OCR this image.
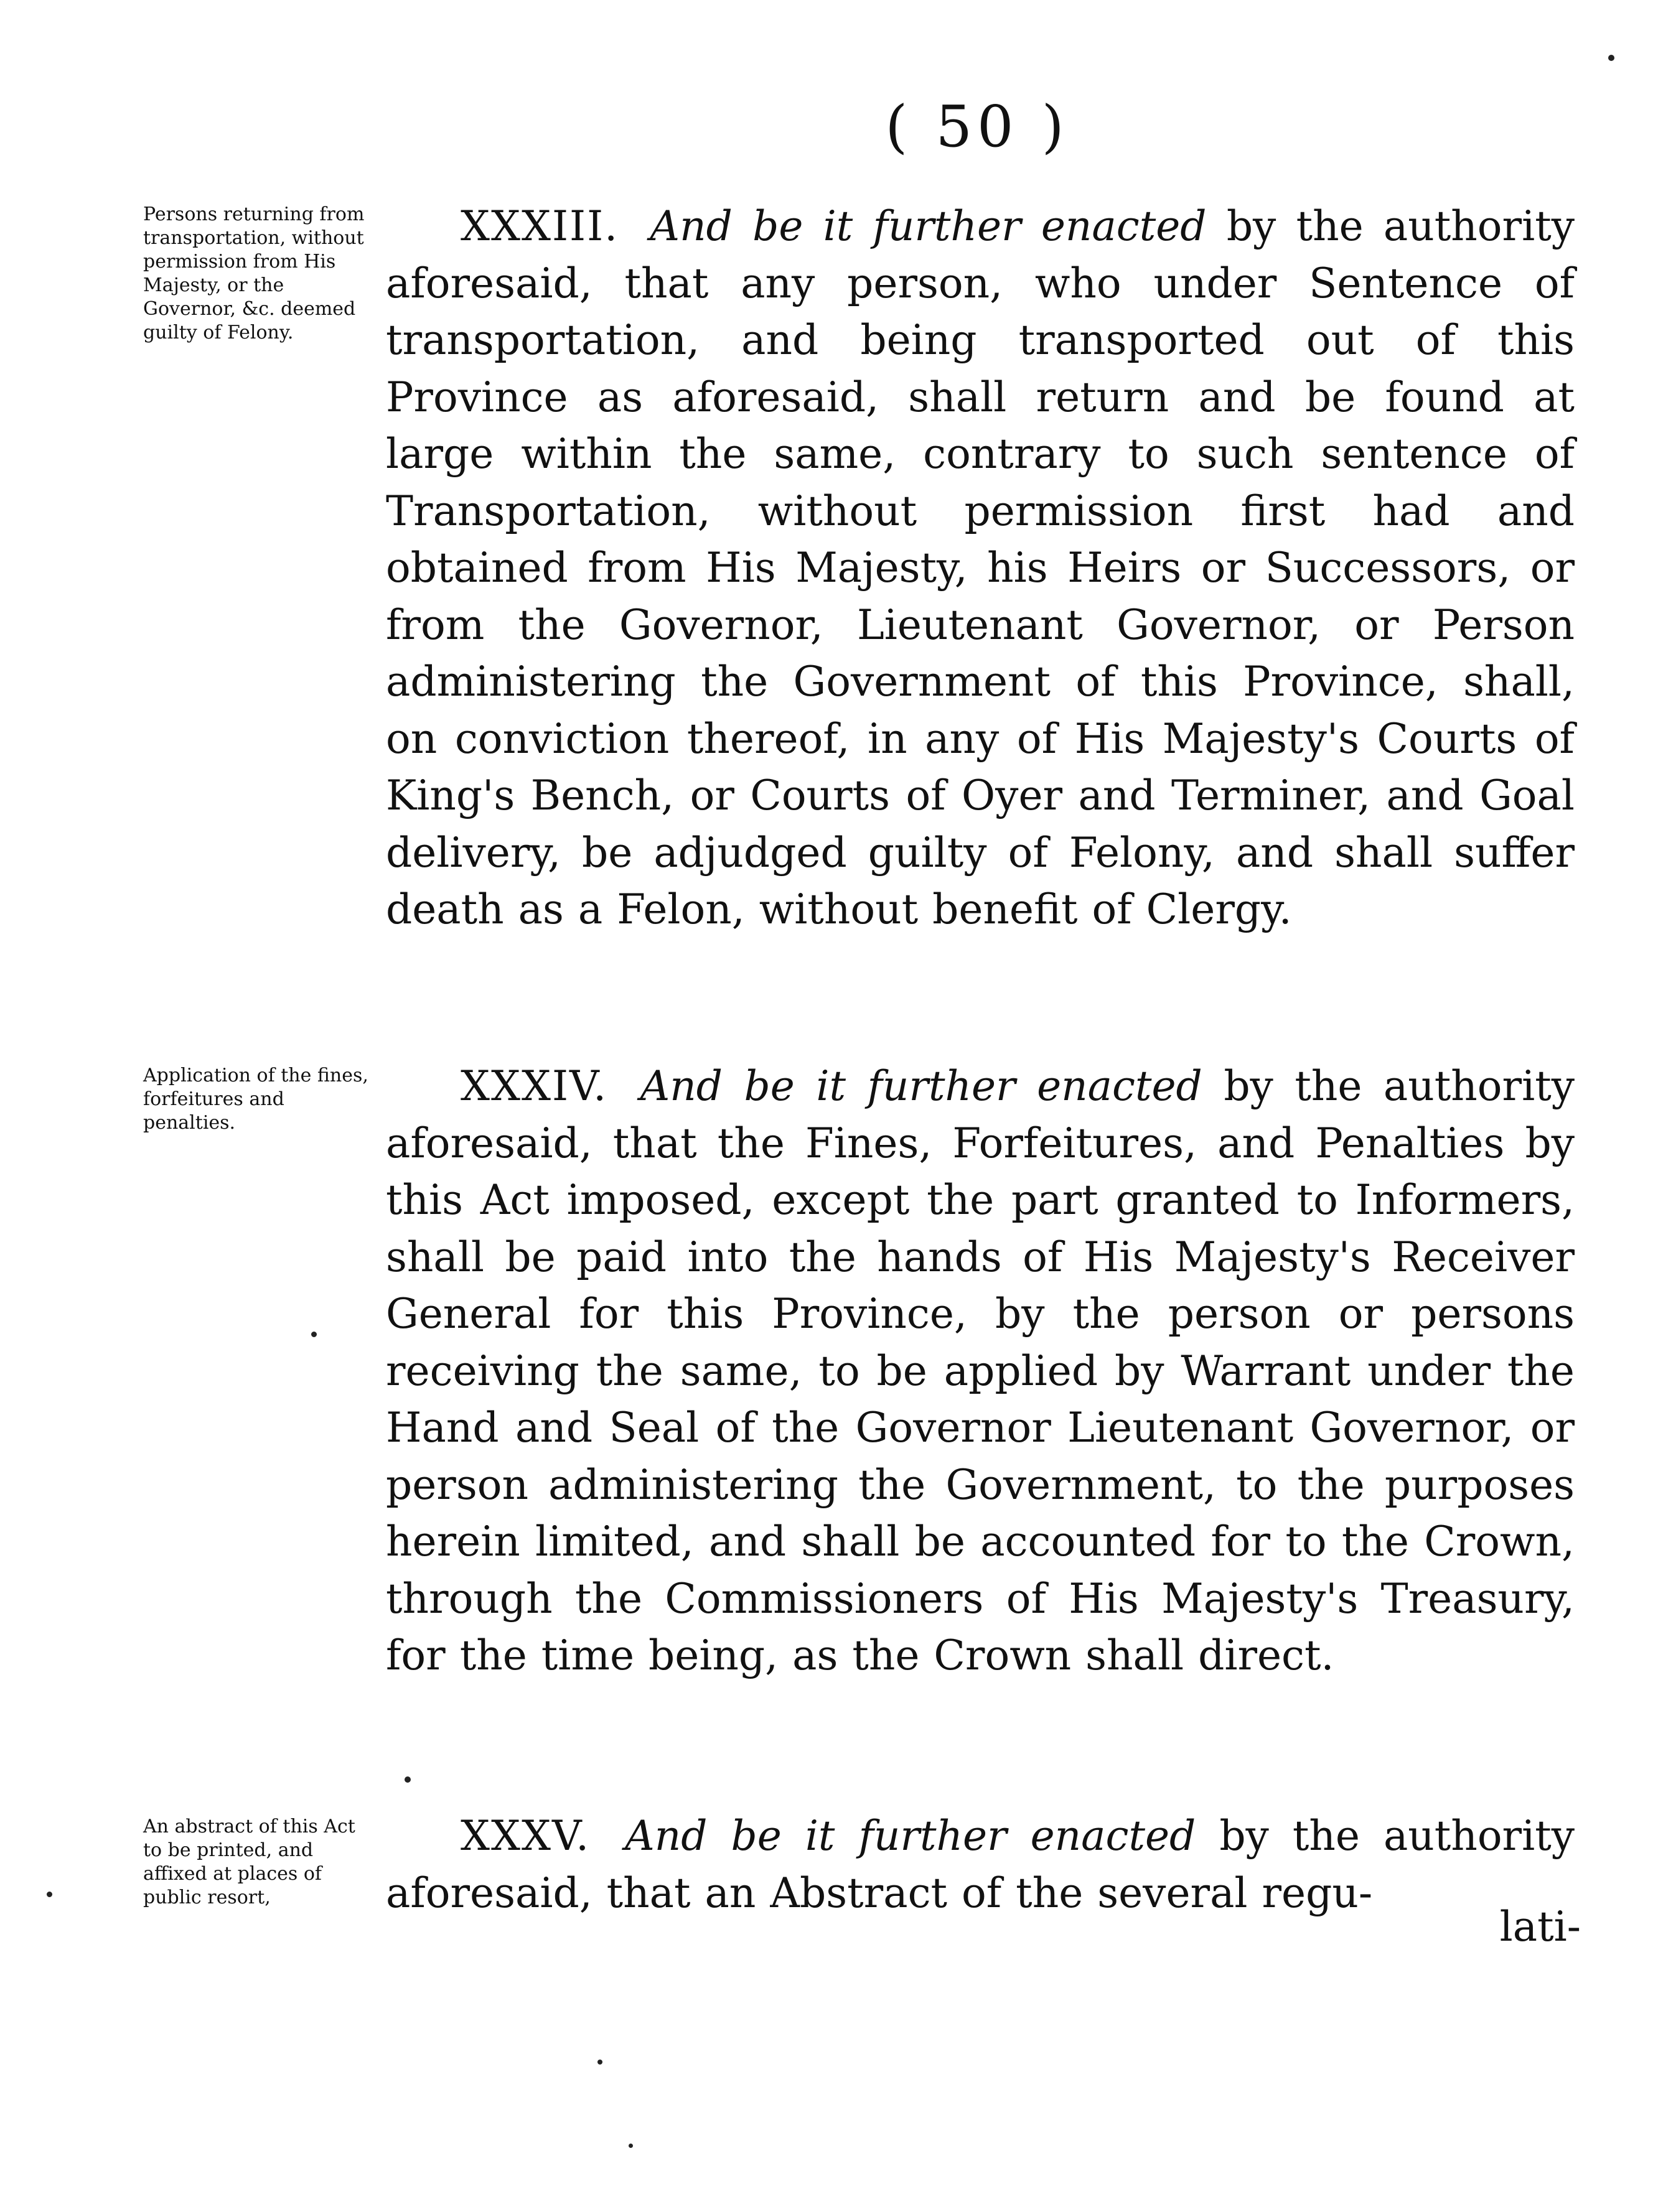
( 50 )
Persons returning from transportation, without permission from His Majesty, or the Governor, &c. deemed guilty of Felony.
XXXIII. And be it further enacted by the authority aforesaid, that any person, who under Sentence of transportation, and being transported out of this Province as aforesaid, shall return and be found at large within the same, contrary to such sentence of Transportation, without permission first had and obtained from His Majesty, his Heirs or Successors, or from the Governor, Lieutenant Governor, or Person administering the Government of this Province, shall, on conviction thereof, in any of His Majesty's Courts of King's Bench, or Courts of Oyer and Terminer, and Goal delivery, be adjudged guilty of Felony, and shall suffer death as a Felon, without benefit of Clergy.
Application of the fines, forfeitures and penalties.
XXXIV. And be it further enacted by the authority aforesaid, that the Fines, Forfeitures, and Penalties by this Act imposed, except the part granted to Informers, shall be paid into the hands of His Majesty's Receiver General for this Province, by the person or persons receiving the same, to be applied by Warrant under the Hand and Seal of the Governor Lieutenant Governor, or person administering the Government, to the purposes herein limited, and shall be accounted for to the Crown, through the Commissioners of His Majesty's Treasury, for the time being, as the Crown shall direct.
An abstract of this Act to be printed, and affixed at places of public resort,
XXXV. And be it further enacted by the authority aforesaid, that an Abstract of the several regu-
lati-
